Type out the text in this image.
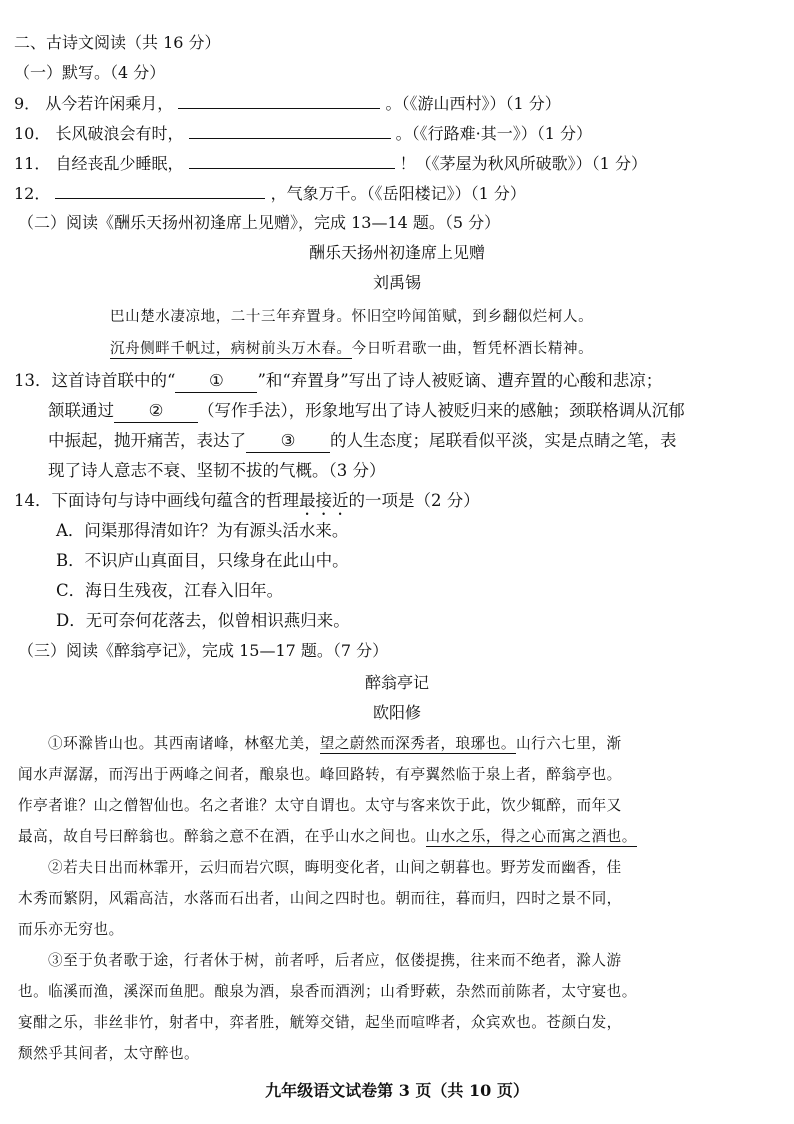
二、古诗文阅读（共 16 分）
（一）默写。（4 分）
9． 从今若许闲乘月，	。（《游山西村》）（1 分）
10． 长风破浪会有时，	。（《行路难·其一》）（1 分）
11． 自经丧乱少睡眠，	！（《茅屋为秋风所破歌》）（1 分）
12．	，气象万千。（《岳阳楼记》）（1 分）
（二）阅读《酬乐天扬州初逢席上见赠》，完成 13—14 题。（5 分）
酬乐天扬州初逢席上见赠
刘禹锡
巴山楚水凄凉地，二十三年弃置身。怀旧空吟闻笛赋，到乡翻似烂柯人。
沉舟侧畔千帆过，病树前头万木春。今日听君歌一曲，暂凭杯酒长精神。
13．这首诗首联中的“ ① ”和“弃置身”写出了诗人被贬谪、遭弃置的心酸和悲凉；
颔联通过 ② （写作手法），形象地写出了诗人被贬归来的感触；颈联格调从沉郁
中振起，抛开痛苦，表达了 ③ 的人生态度；尾联看似平淡，实是点睛之笔，表
现了诗人意志不衰、坚韧不拔的气概。（3 分）
14．下面诗句与诗中画线句蕴含的哲理最接近的一项是（2 分）
A．问渠那得清如许？为有源头活水来。
B．不识庐山真面目，只缘身在此山中。
C．海日生残夜，江春入旧年。
D．无可奈何花落去，似曾相识燕归来。
（三）阅读《醉翁亭记》，完成 15—17 题。（7 分）
醉翁亭记
欧阳修
①环滁皆山也。其西南诸峰，林壑尤美，望之蔚然而深秀者，琅琊也。山行六七里，渐
闻水声潺潺，而泻出于两峰之间者，酿泉也。峰回路转，有亭翼然临于泉上者，醉翁亭也。
作亭者谁？山之僧智仙也。名之者谁？太守自谓也。太守与客来饮于此，饮少辄醉，而年又
最高，故自号曰醉翁也。醉翁之意不在酒，在乎山水之间也。山水之乐，得之心而寓之酒也。
②若夫日出而林霏开，云归而岩穴暝，晦明变化者，山间之朝暮也。野芳发而幽香，佳
木秀而繁阴，风霜高洁，水落而石出者，山间之四时也。朝而往，暮而归，四时之景不同，
而乐亦无穷也。
③至于负者歌于途，行者休于树，前者呼，后者应，伛偻提携，往来而不绝者，滁人游
也。临溪而渔，溪深而鱼肥。酿泉为酒，泉香而酒洌；山肴野蔌，杂然而前陈者，太守宴也。
宴酣之乐，非丝非竹，射者中，弈者胜，觥筹交错，起坐而喧哗者，众宾欢也。苍颜白发，
颓然乎其间者，太守醉也。
九年级语文试卷第 3 页（共 10 页）
